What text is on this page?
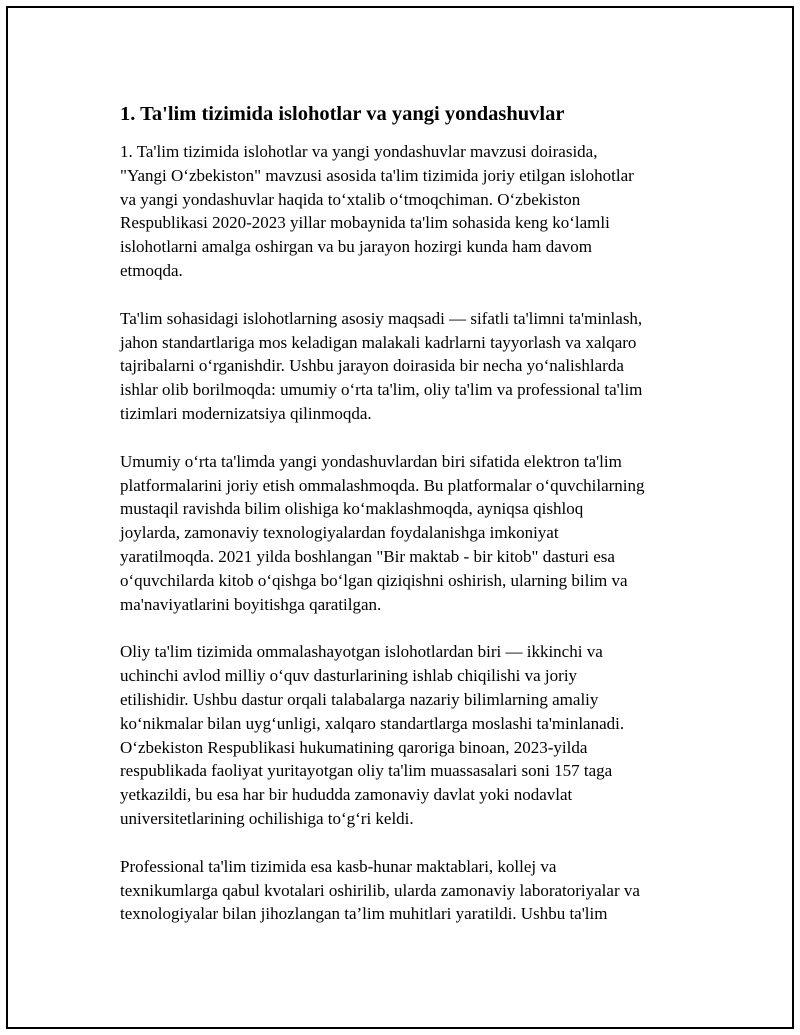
1. Ta'lim tizimida islohotlar va yangi yondashuvlar

1. Ta'lim tizimida islohotlar va yangi yondashuvlar mavzusi doirasida,
"Yangi O‘zbekiston" mavzusi asosida ta'lim tizimida joriy etilgan islohotlar
va yangi yondashuvlar haqida to‘xtalib o‘tmoqchiman. O‘zbekiston
Respublikasi 2020-2023 yillar mobaynida ta'lim sohasida keng ko‘lamli
islohotlarni amalga oshirgan va bu jarayon hozirgi kunda ham davom
etmoqda.

Ta'lim sohasidagi islohotlarning asosiy maqsadi — sifatli ta'limni ta'minlash,
jahon standartlariga mos keladigan malakali kadrlarni tayyorlash va xalqaro
tajribalarni o‘rganishdir. Ushbu jarayon doirasida bir necha yo‘nalishlarda
ishlar olib borilmoqda: umumiy o‘rta ta'lim, oliy ta'lim va professional ta'lim
tizimlari modernizatsiya qilinmoqda.

Umumiy o‘rta ta'limda yangi yondashuvlardan biri sifatida elektron ta'lim
platformalarini joriy etish ommalashmoqda. Bu platformalar o‘quvchilarning
mustaqil ravishda bilim olishiga ko‘maklashmoqda, ayniqsa qishloq
joylarda, zamonaviy texnologiyalardan foydalanishga imkoniyat
yaratilmoqda. 2021 yilda boshlangan "Bir maktab - bir kitob" dasturi esa
o‘quvchilarda kitob o‘qishga bo‘lgan qiziqishni oshirish, ularning bilim va
ma'naviyatlarini boyitishga qaratilgan.

Oliy ta'lim tizimida ommalashayotgan islohotlardan biri — ikkinchi va
uchinchi avlod milliy o‘quv dasturlarining ishlab chiqilishi va joriy
etilishidir. Ushbu dastur orqali talabalarga nazariy bilimlarning amaliy
ko‘nikmalar bilan uyg‘unligi, xalqaro standartlarga moslashi ta'minlanadi.
O‘zbekiston Respublikasi hukumatining qaroriga binoan, 2023-yilda
respublikada faoliyat yuritayotgan oliy ta'lim muassasalari soni 157 taga
yetkazildi, bu esa har bir hududda zamonaviy davlat yoki nodavlat
universitetlarining ochilishiga to‘g‘ri keldi.

Professional ta'lim tizimida esa kasb-hunar maktablari, kollej va
texnikumlarga qabul kvotalari oshirilib, ularda zamonaviy laboratoriyalar va
texnologiyalar bilan jihozlangan ta’lim muhitlari yaratildi. Ushbu ta'lim
